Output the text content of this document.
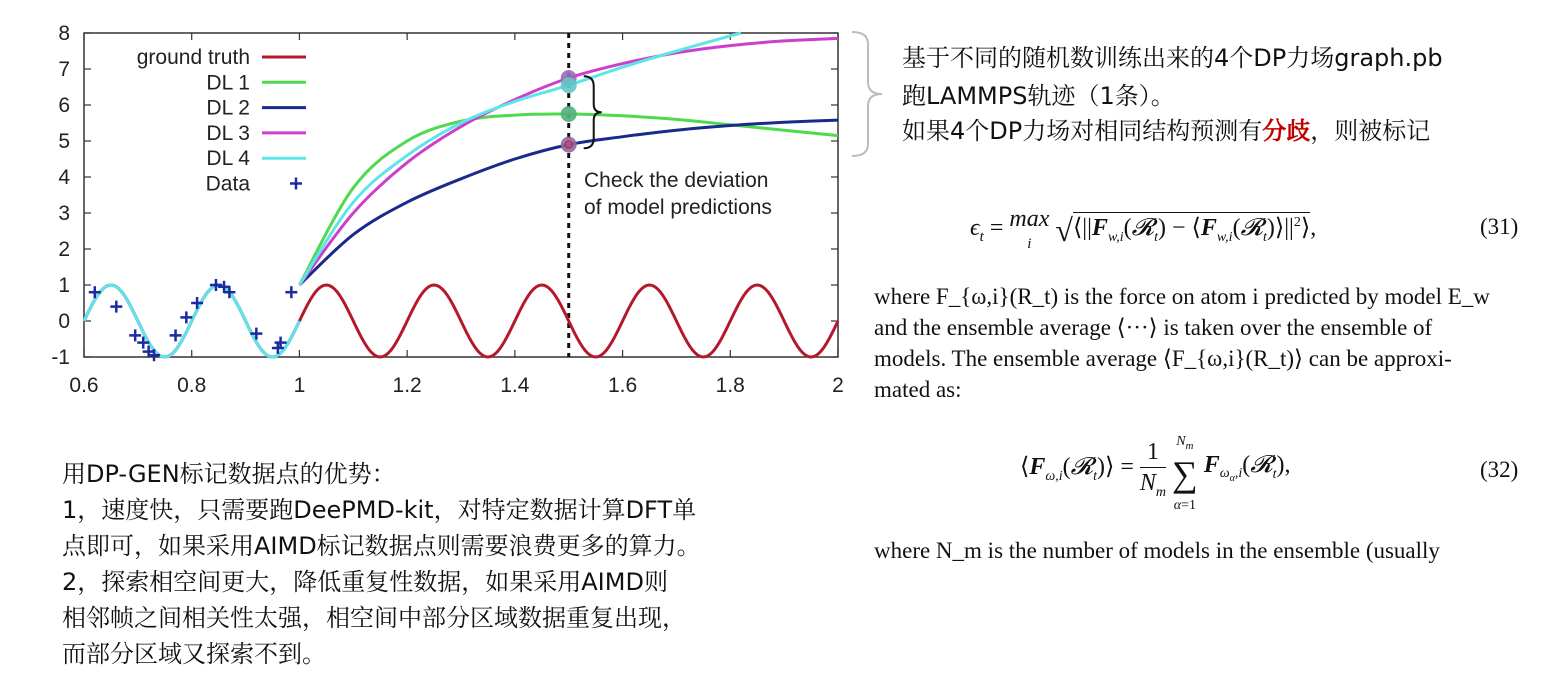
0.6	0.8	1	1.2	1.4	1.6	1.8	2
-1
0
1
2
3
4
5
6
7
8
ground truth
DL 1
DL 2
DL 3
DL 4
Data	Check the deviation
of model predictions
基于不同的随机数训练出来的4个DP力场graph.pb
跑LAMMPS轨迹（1条）。
如果4个DP力场对相同结构预测有分歧，则被标记
$\epsilon_t = \max$
i $√⟨||F_{w,i}(𝓡_t)$ − $⟨F_{w,i}(𝓡_t)⟩||^2⟩$,	(31)
where F_{ω,i}(R_t) is the force on atom i predicted by model E_w
and the ensemble average ⟨···⟩ is taken over the ensemble of
models. The ensemble average ⟨F_{ω,i}(R_t)⟩ can be approxi-
mated as:
$⟨F_{\omega,i}(𝓡_t)⟩ = \frac{1}{N_m} N_m$
∑
α=1 $F_{\omega_\alpha,i}(𝓡_t)$,	(32)
where N_m is the number of models in the ensemble (usually
用DP-GEN标记数据点的优势：
1，速度快，只需要跑DeePMD-kit，对特定数据计算DFT单
点即可，如果采用AIMD标记数据点则需要浪费更多的算力。
2，探索相空间更大，降低重复性数据，如果采用AIMD则
相邻帧之间相关性太强，相空间中部分区域数据重复出现，
而部分区域又探索不到。
